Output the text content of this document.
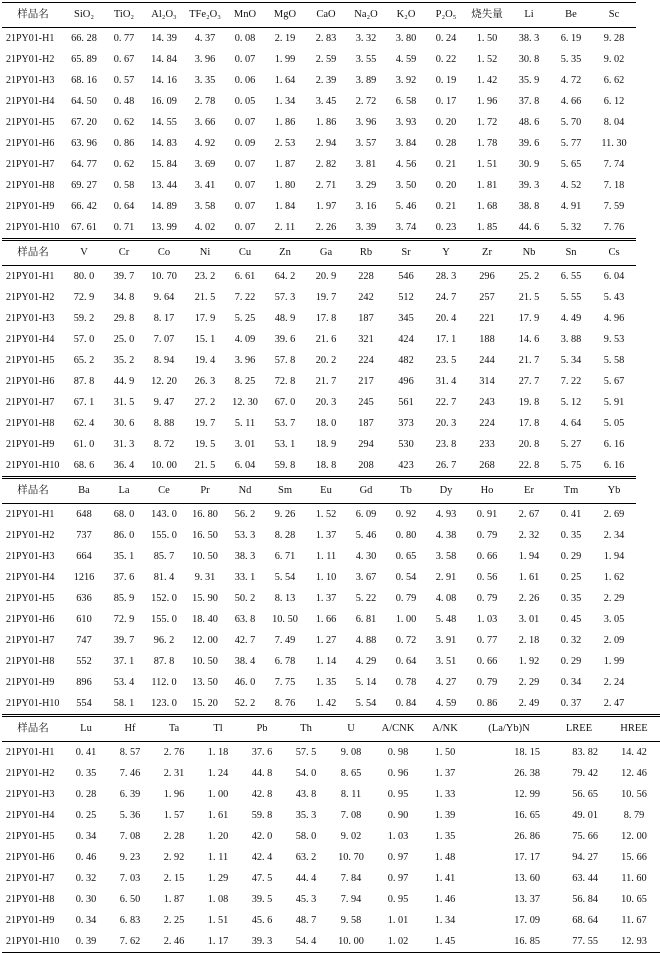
样品名	SiO₂	TiO₂	Al₂O₃	TFe₂O₃	MnO	MgO	CaO	Na₂O	K₂O	P₂O₅	烧失量	Li	Be	Sc
21PY01-H1	66. 28	0. 77	14. 39	4. 37	0. 08	2. 19	2. 83	3. 32	3. 80	0. 24	1. 50	38. 3	6. 19	9. 28
21PY01-H2	65. 89	0. 67	14. 84	3. 96	0. 07	1. 99	2. 59	3. 55	4. 59	0. 22	1. 52	30. 8	5. 35	9. 02
21PY01-H3	68. 16	0. 57	14. 16	3. 35	0. 06	1. 64	2. 39	3. 89	3. 92	0. 19	1. 42	35. 9	4. 72	6. 62
21PY01-H4	64. 50	0. 48	16. 09	2. 78	0. 05	1. 34	3. 45	2. 72	6. 58	0. 17	1. 96	37. 8	4. 66	6. 12
21PY01-H5	67. 20	0. 62	14. 55	3. 66	0. 07	1. 86	1. 86	3. 96	3. 93	0. 20	1. 72	48. 6	5. 70	8. 04
21PY01-H6	63. 96	0. 86	14. 83	4. 92	0. 09	2. 53	2. 94	3. 57	3. 84	0. 28	1. 78	39. 6	5. 77	11. 30
21PY01-H7	64. 77	0. 62	15. 84	3. 69	0. 07	1. 87	2. 82	3. 81	4. 56	0. 21	1. 51	30. 9	5. 65	7. 74
21PY01-H8	69. 27	0. 58	13. 44	3. 41	0. 07	1. 80	2. 71	3. 29	3. 50	0. 20	1. 81	39. 3	4. 52	7. 18
21PY01-H9	66. 42	0. 64	14. 89	3. 58	0. 07	1. 84	1. 97	3. 16	5. 46	0. 21	1. 68	38. 8	4. 91	7. 59
21PY01-H10	67. 61	0. 71	13. 99	4. 02	0. 07	2. 11	2. 26	3. 39	3. 74	0. 23	1. 85	44. 6	5. 32	7. 76
样品名	V	Cr	Co	Ni	Cu	Zn	Ga	Rb	Sr	Y	Zr	Nb	Sn	Cs
21PY01-H1	80. 0	39. 7	10. 70	23. 2	6. 61	64. 2	20. 9	228	546	28. 3	296	25. 2	6. 55	6. 04
21PY01-H2	72. 9	34. 8	9. 64	21. 5	7. 22	57. 3	19. 7	242	512	24. 7	257	21. 5	5. 55	5. 43
21PY01-H3	59. 2	29. 8	8. 17	17. 9	5. 25	48. 9	17. 8	187	345	20. 4	221	17. 9	4. 49	4. 96
21PY01-H4	57. 0	25. 0	7. 07	15. 1	4. 09	39. 6	21. 6	321	424	17. 1	188	14. 6	3. 88	9. 53
21PY01-H5	65. 2	35. 2	8. 94	19. 4	3. 96	57. 8	20. 2	224	482	23. 5	244	21. 7	5. 34	5. 58
21PY01-H6	87. 8	44. 9	12. 20	26. 3	8. 25	72. 8	21. 7	217	496	31. 4	314	27. 7	7. 22	5. 67
21PY01-H7	67. 1	31. 5	9. 47	27. 2	12. 30	67. 0	20. 3	245	561	22. 7	243	19. 8	5. 12	5. 91
21PY01-H8	62. 4	30. 6	8. 88	19. 7	5. 11	53. 7	18. 0	187	373	20. 3	224	17. 8	4. 64	5. 05
21PY01-H9	61. 0	31. 3	8. 72	19. 5	3. 01	53. 1	18. 9	294	530	23. 8	233	20. 8	5. 27	6. 16
21PY01-H10	68. 6	36. 4	10. 00	21. 5	6. 04	59. 8	18. 8	208	423	26. 7	268	22. 8	5. 75	6. 16
样品名	Ba	La	Ce	Pr	Nd	Sm	Eu	Gd	Tb	Dy	Ho	Er	Tm	Yb
21PY01-H1	648	68. 0	143. 0	16. 80	56. 2	9. 26	1. 52	6. 09	0. 92	4. 93	0. 91	2. 67	0. 41	2. 69
21PY01-H2	737	86. 0	155. 0	16. 50	53. 3	8. 28	1. 37	5. 46	0. 80	4. 38	0. 79	2. 32	0. 35	2. 34
21PY01-H3	664	35. 1	85. 7	10. 50	38. 3	6. 71	1. 11	4. 30	0. 65	3. 58	0. 66	1. 94	0. 29	1. 94
21PY01-H4	1216	37. 6	81. 4	9. 31	33. 1	5. 54	1. 10	3. 67	0. 54	2. 91	0. 56	1. 61	0. 25	1. 62
21PY01-H5	636	85. 9	152. 0	15. 90	50. 2	8. 13	1. 37	5. 22	0. 79	4. 08	0. 79	2. 26	0. 35	2. 29
21PY01-H6	610	72. 9	155. 0	18. 40	63. 8	10. 50	1. 66	6. 81	1. 00	5. 48	1. 03	3. 01	0. 45	3. 05
21PY01-H7	747	39. 7	96. 2	12. 00	42. 7	7. 49	1. 27	4. 88	0. 72	3. 91	0. 77	2. 18	0. 32	2. 09
21PY01-H8	552	37. 1	87. 8	10. 50	38. 4	6. 78	1. 14	4. 29	0. 64	3. 51	0. 66	1. 92	0. 29	1. 99
21PY01-H9	896	53. 4	112. 0	13. 50	46. 0	7. 75	1. 35	5. 14	0. 78	4. 27	0. 79	2. 29	0. 34	2. 24
21PY01-H10	554	58. 1	123. 0	15. 20	52. 2	8. 76	1. 42	5. 54	0. 84	4. 59	0. 86	2. 49	0. 37	2. 47
样品名	Lu	Hf	Ta	Tl	Pb	Th	U	A/CNK	A/NK	(La/Yb)N	LREE	HREE
21PY01-H1	0. 41	8. 57	2. 76	1. 18	37. 6	57. 5	9. 08	0. 98	1. 50	18. 15	83. 82	14. 42
21PY01-H2	0. 35	7. 46	2. 31	1. 24	44. 8	54. 0	8. 65	0. 96	1. 37	26. 38	79. 42	12. 46
21PY01-H3	0. 28	6. 39	1. 96	1. 00	42. 8	43. 8	8. 11	0. 95	1. 33	12. 99	56. 65	10. 56
21PY01-H4	0. 25	5. 36	1. 57	1. 61	59. 8	35. 3	7. 08	0. 90	1. 39	16. 65	49. 01	8. 79
21PY01-H5	0. 34	7. 08	2. 28	1. 20	42. 0	58. 0	9. 02	1. 03	1. 35	26. 86	75. 66	12. 00
21PY01-H6	0. 46	9. 23	2. 92	1. 11	42. 4	63. 2	10. 70	0. 97	1. 48	17. 17	94. 27	15. 66
21PY01-H7	0. 32	7. 03	2. 15	1. 29	47. 5	44. 4	7. 84	0. 97	1. 41	13. 60	63. 44	11. 60
21PY01-H8	0. 30	6. 50	1. 87	1. 08	39. 5	45. 3	7. 94	0. 95	1. 46	13. 37	56. 84	10. 65
21PY01-H9	0. 34	6. 83	2. 25	1. 51	45. 6	48. 7	9. 58	1. 01	1. 34	17. 09	68. 64	11. 67
21PY01-H10	0. 39	7. 62	2. 46	1. 17	39. 3	54. 4	10. 00	1. 02	1. 45	16. 85	77. 55	12. 93
